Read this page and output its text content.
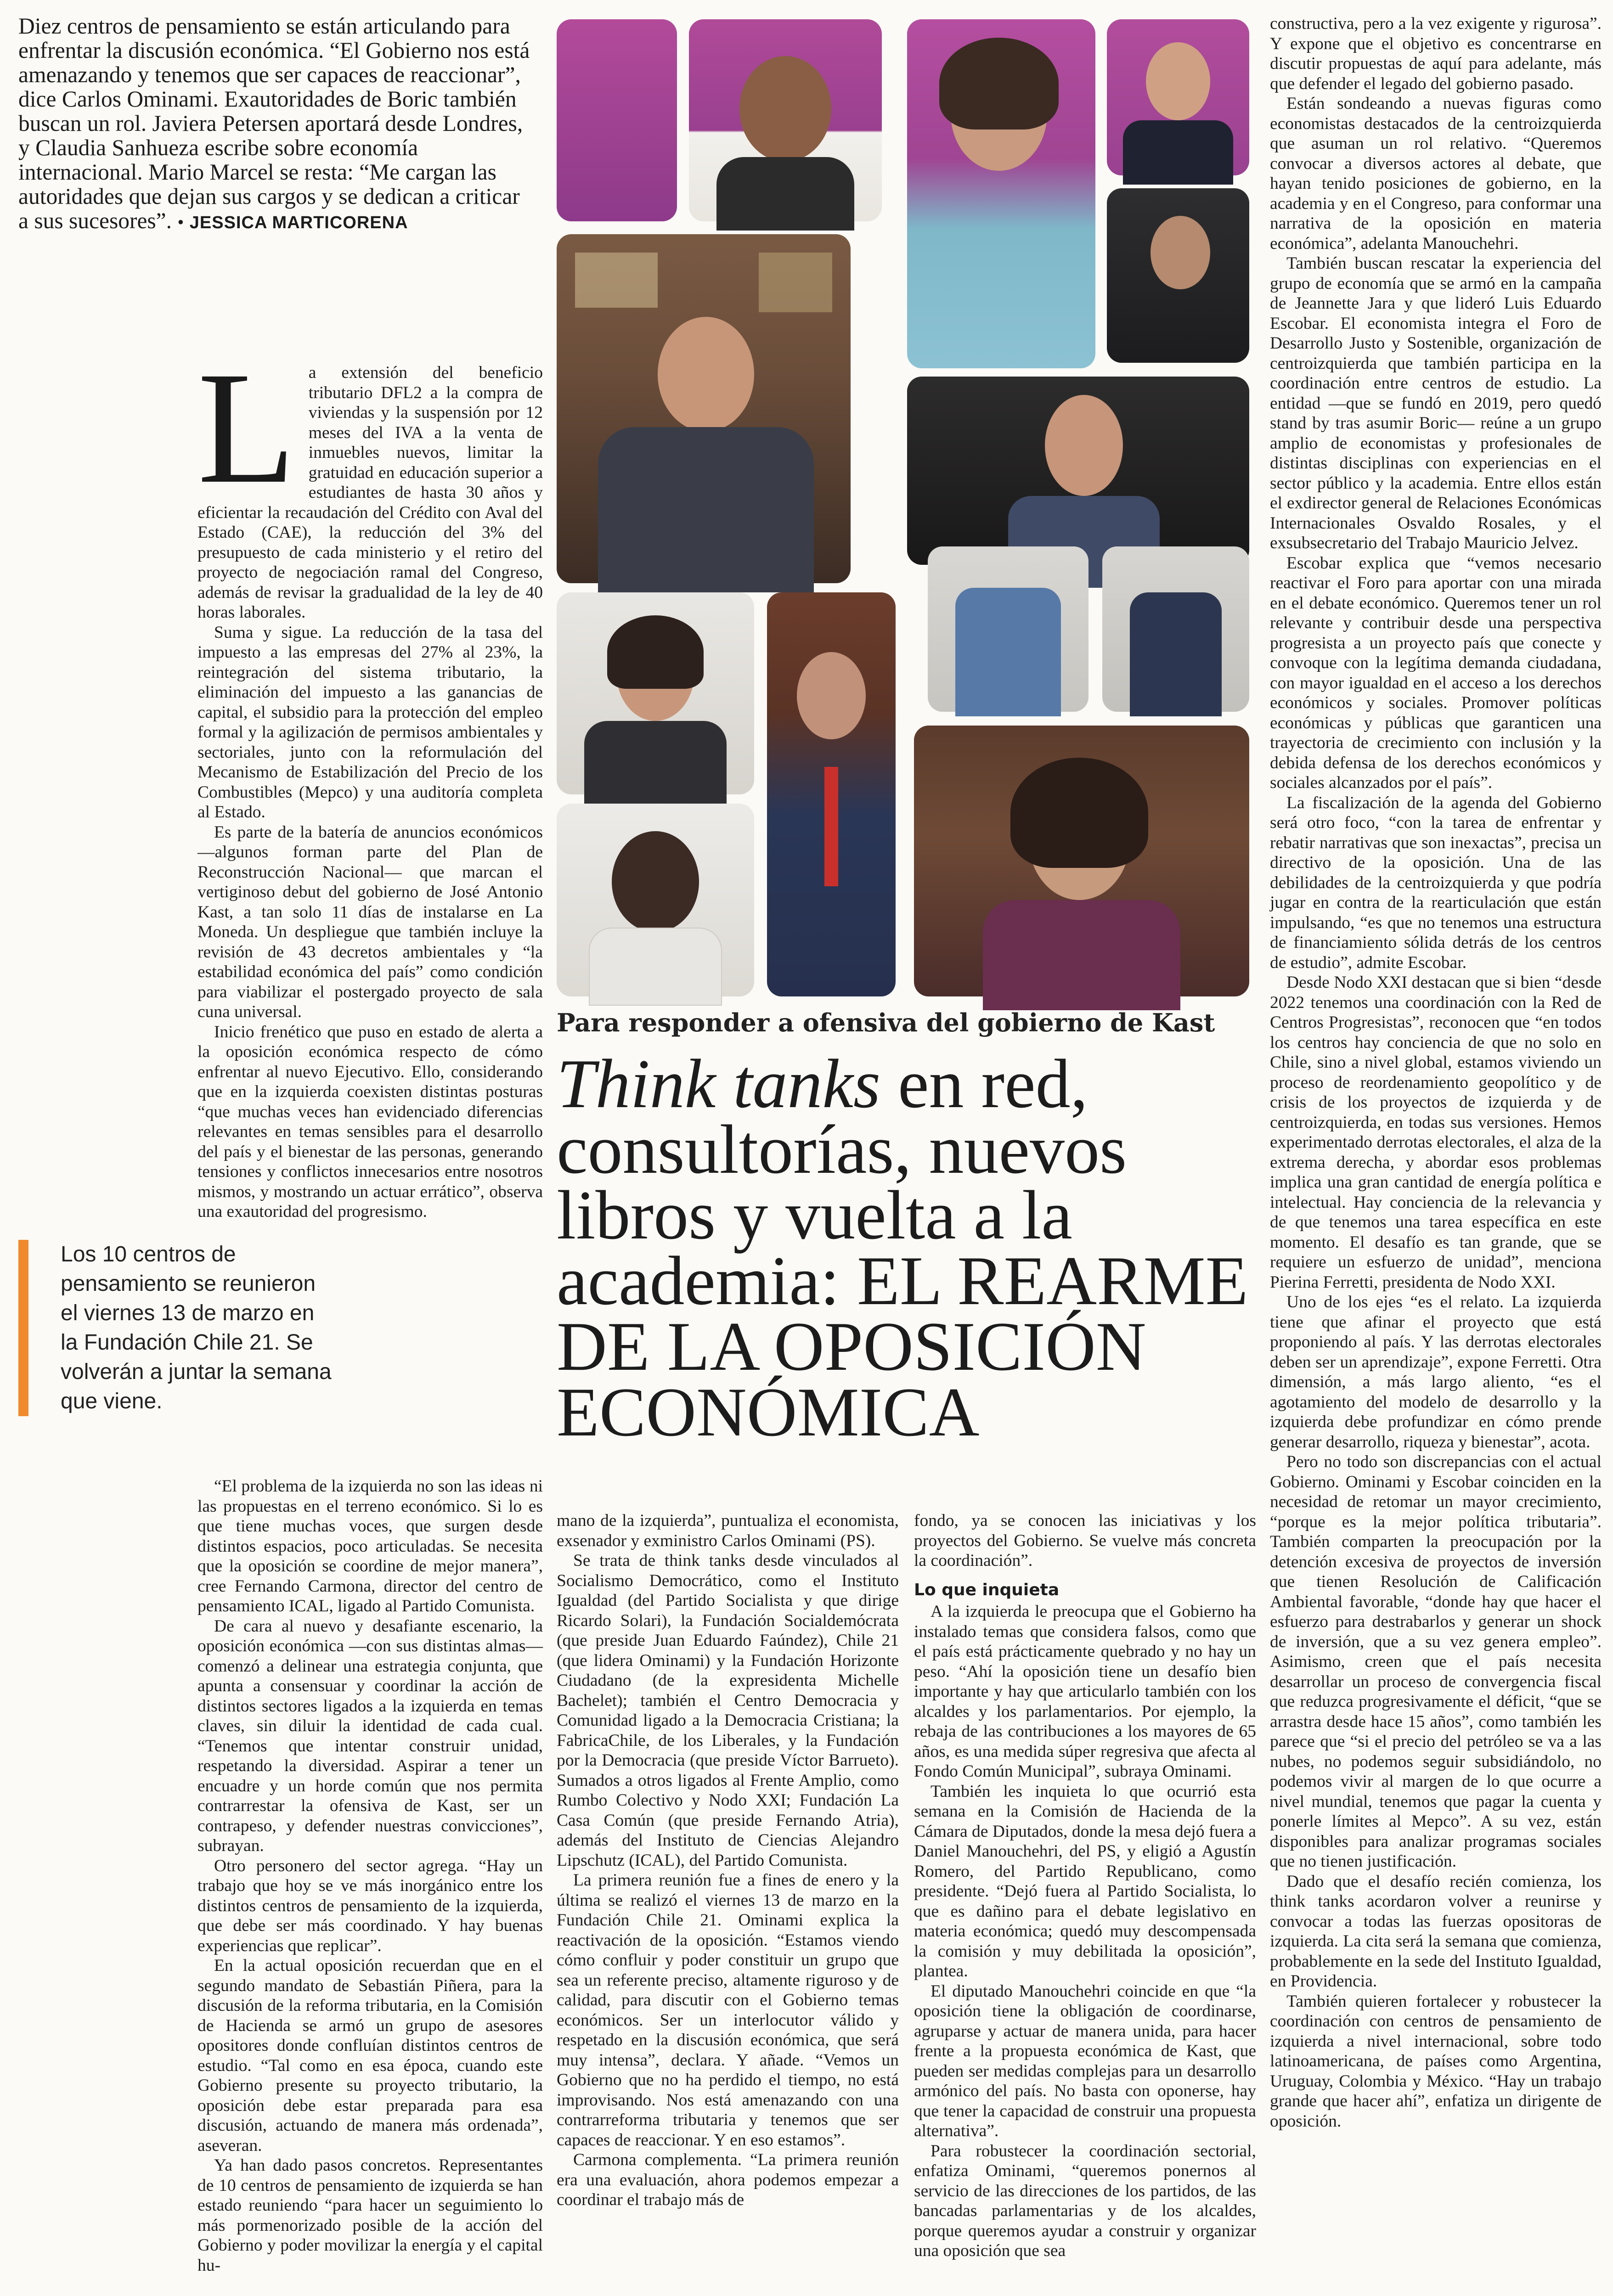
Diez centros de pensamiento se están articulando para enfrentar la discusión económica. “El Gobierno nos está amenazando y tenemos que ser capaces de reaccionar”, dice Carlos Ominami. Exautoridades de Boric también buscan un rol. Javiera Petersen aportará desde Londres, y Claudia Sanhueza escribe sobre economía internacional. Mario Marcel se resta: “Me cargan las autoridades que dejan sus cargos y se dedican a criticar a sus sucesores”. • JESSICA MARTICORENA
L a extensión del beneficio tributario DFL2 a la compra de viviendas y la suspensión por 12 meses del IVA a la venta de inmuebles nuevos, limitar la gratuidad en educación superior a estudiantes de hasta 30 años y eficientar la recaudación del Crédito con Aval del Estado (CAE), la reducción del 3% del presupuesto de cada ministerio y el retiro del proyecto de negociación ramal del Congreso, además de revisar la gradualidad de la ley de 40 horas laborales.

Suma y sigue. La reducción de la tasa del impuesto a las empresas del 27% al 23%, la reintegración del sistema tributario, la eliminación del impuesto a las ganancias de capital, el subsidio para la protección del empleo formal y la agilización de permisos ambientales y sectoriales, junto con la reformulación del Mecanismo de Estabilización del Precio de los Combustibles (Mepco) y una auditoría completa al Estado.

Es parte de la batería de anuncios económicos —algunos forman parte del Plan de Reconstrucción Nacional— que marcan el vertiginoso debut del gobierno de José Antonio Kast, a tan solo 11 días de instalarse en La Moneda. Un despliegue que también incluye la revisión de 43 decretos ambientales y “la estabilidad económica del país” como condición para viabilizar el postergado proyecto de sala cuna universal.

Inicio frenético que puso en estado de alerta a la oposición económica respecto de cómo enfrentar al nuevo Ejecutivo. Ello, considerando que en la izquierda coexisten distintas posturas “que muchas veces han evidenciado diferencias relevantes en temas sensibles para el desarrollo del país y el bienestar de las personas, generando tensiones y conflictos innecesarios entre nosotros mismos, y mostrando un actuar errático”, observa una exautoridad del progresismo.

Los 10 centros de pensamiento se reunieron el viernes 13 de marzo en la Fundación Chile 21. Se volverán a juntar la semana que viene.

“El problema de la izquierda no son las ideas ni las propuestas en el terreno económico. Si lo es que tiene muchas voces, que surgen desde distintos espacios, poco articuladas. Se necesita que la oposición se coordine de mejor manera”, cree Fernando Carmona, director del centro de pensamiento ICAL, ligado al Partido Comunista.

De cara al nuevo y desafiante escenario, la oposición económica —con sus distintas almas— comenzó a delinear una estrategia conjunta, que apunta a consensuar y coordinar la acción de distintos sectores ligados a la izquierda en temas claves, sin diluir la identidad de cada cual. “Tenemos que intentar construir unidad, respetando la diversidad. Aspirar a tener un encuadre y un horde común que nos permita contrarrestar la ofensiva de Kast, ser un contrapeso, y defender nuestras convicciones”, subrayan.

Otro personero del sector agrega. “Hay un trabajo que hoy se ve más inorgánico entre los distintos centros de pensamiento de la izquierda, que debe ser más coordinado. Y hay buenas experiencias que replicar”.

En la actual oposición recuerdan que en el segundo mandato de Sebastián Piñera, para la discusión de la reforma tributaria, en la Comisión de Hacienda se armó un grupo de asesores opositores donde confluían distintos centros de estudio. “Tal como en esa época, cuando este Gobierno presente su proyecto tributario, la oposición debe estar preparada para esa discusión, actuando de manera más ordenada”, aseveran.

Ya han dado pasos concretos. Representantes de 10 centros de pensamiento de izquierda se han estado reuniendo “para hacer un seguimiento lo más pormenorizado posible de la acción del Gobierno y poder movilizar la energía y el capital hu-

Para responder a ofensiva del gobierno de Kast
Think tanks en red, consultorías, nuevos libros y vuelta a la academia: EL REARME DE LA OPOSICIÓN ECONÓMICA

mano de la izquierda”, puntualiza el economista, exsenador y exministro Carlos Ominami (PS).

Se trata de think tanks desde vinculados al Socialismo Democrático, como el Instituto Igualdad (del Partido Socialista y que dirige Ricardo Solari), la Fundación Socialdemócrata (que preside Juan Eduardo Faúndez), Chile 21 (que lidera Ominami) y la Fundación Horizonte Ciudadano (de la expresidenta Michelle Bachelet); también el Centro Democracia y Comunidad ligado a la Democracia Cristiana; la FabricaChile, de los Liberales, y la Fundación por la Democracia (que preside Víctor Barrueto). Sumados a otros ligados al Frente Amplio, como Rumbo Colectivo y Nodo XXI; Fundación La Casa Común (que preside Fernando Atria), además del Instituto de Ciencias Alejandro Lipschutz (ICAL), del Partido Comunista.

La primera reunión fue a fines de enero y la última se realizó el viernes 13 de marzo en la Fundación Chile 21. Ominami explica la reactivación de la oposición. “Estamos viendo cómo confluir y poder constituir un grupo que sea un referente preciso, altamente riguroso y de calidad, para discutir con el Gobierno temas económicos. Ser un interlocutor válido y respetado en la discusión económica, que será muy intensa”, declara. Y añade. “Vemos un Gobierno que no ha perdido el tiempo, no está improvisando. Nos está amenazando con una contrarreforma tributaria y tenemos que ser capaces de reaccionar. Y en eso estamos”.

Carmona complementa. “La primera reunión era una evaluación, ahora podemos empezar a coordinar el trabajo más de

fondo, ya se conocen las iniciativas y los proyectos del Gobierno. Se vuelve más concreta la coordinación”.

Lo que inquieta

A la izquierda le preocupa que el Gobierno ha instalado temas que considera falsos, como que el país está prácticamente quebrado y no hay un peso. “Ahí la oposición tiene un desafío bien importante y hay que articularlo también con los alcaldes y los parlamentarios. Por ejemplo, la rebaja de las contribuciones a los mayores de 65 años, es una medida súper regresiva que afecta al Fondo Común Municipal”, subraya Ominami.

También les inquieta lo que ocurrió esta semana en la Comisión de Hacienda de la Cámara de Diputados, donde la mesa dejó fuera a Daniel Manouchehri, del PS, y eligió a Agustín Romero, del Partido Republicano, como presidente. “Dejó fuera al Partido Socialista, lo que es dañino para el debate legislativo en materia económica; quedó muy descompensada la comisión y muy debilitada la oposición”, plantea.

El diputado Manouchehri coincide en que “la oposición tiene la obligación de coordinarse, agruparse y actuar de manera unida, para hacer frente a la propuesta económica de Kast, que pueden ser medidas complejas para un desarrollo armónico del país. No basta con oponerse, hay que tener la capacidad de construir una propuesta alternativa”.

Para robustecer la coordinación sectorial, enfatiza Ominami, “queremos ponernos al servicio de las direcciones de los partidos, de las bancadas parlamentarias y de los alcaldes, porque queremos ayudar a construir y organizar una oposición que sea

constructiva, pero a la vez exigente y rigurosa”. Y expone que el objetivo es concentrarse en discutir propuestas de aquí para adelante, más que defender el legado del gobierno pasado.

Están sondeando a nuevas figuras como economistas destacados de la centroizquierda que asuman un rol relativo. “Queremos convocar a diversos actores al debate, que hayan tenido posiciones de gobierno, en la academia y en el Congreso, para conformar una narrativa de la oposición en materia económica”, adelanta Manouchehri.

También buscan rescatar la experiencia del grupo de economía que se armó en la campaña de Jeannette Jara y que lideró Luis Eduardo Escobar. El economista integra el Foro de Desarrollo Justo y Sostenible, organización de centroizquierda que también participa en la coordinación entre centros de estudio. La entidad —que se fundó en 2019, pero quedó stand by tras asumir Boric— reúne a un grupo amplio de economistas y profesionales de distintas disciplinas con experiencias en el sector público y la academia. Entre ellos están el exdirector general de Relaciones Económicas Internacionales Osvaldo Rosales, y el exsubsecretario del Trabajo Mauricio Jelvez.

Escobar explica que “vemos necesario reactivar el Foro para aportar con una mirada en el debate económico. Queremos tener un rol relevante y contribuir desde una perspectiva progresista a un proyecto país que conecte y convoque con la legítima demanda ciudadana, con mayor igualdad en el acceso a los derechos económicos y sociales. Promover políticas económicas y públicas que garanticen una trayectoria de crecimiento con inclusión y la debida defensa de los derechos económicos y sociales alcanzados por el país”.

La fiscalización de la agenda del Gobierno será otro foco, “con la tarea de enfrentar y rebatir narrativas que son inexactas”, precisa un directivo de la oposición. Una de las debilidades de la centroizquierda y que podría jugar en contra de la rearticulación que están impulsando, “es que no tenemos una estructura de financiamiento sólida detrás de los centros de estudio”, admite Escobar.

Desde Nodo XXI destacan que si bien “desde 2022 tenemos una coordinación con la Red de Centros Progresistas”, reconocen que “en todos los centros hay conciencia de que no solo en Chile, sino a nivel global, estamos viviendo un proceso de reordenamiento geopolítico y de crisis de los proyectos de izquierda y de centroizquierda, en todas sus versiones. Hemos experimentado derrotas electorales, el alza de la extrema derecha, y abordar esos problemas implica una gran cantidad de energía política e intelectual. Hay conciencia de la relevancia y de que tenemos una tarea específica en este momento. El desafío es tan grande, que se requiere un esfuerzo de unidad”, menciona Pierina Ferretti, presidenta de Nodo XXI.

Uno de los ejes “es el relato. La izquierda tiene que afinar el proyecto que está proponiendo al país. Y las derrotas electorales deben ser un aprendizaje”, expone Ferretti. Otra dimensión, a más largo aliento, “es el agotamiento del modelo de desarrollo y la izquierda debe profundizar en cómo prende generar desarrollo, riqueza y bienestar”, acota.

Pero no todo son discrepancias con el actual Gobierno. Ominami y Escobar coinciden en la necesidad de retomar un mayor crecimiento, “porque es la mejor política tributaria”. También comparten la preocupación por la detención excesiva de proyectos de inversión que tienen Resolución de Calificación Ambiental favorable, “donde hay que hacer el esfuerzo para destrabarlos y generar un shock de inversión, que a su vez genera empleo”. Asimismo, creen que el país necesita desarrollar un proceso de convergencia fiscal que reduzca progresivamente el déficit, “que se arrastra desde hace 15 años”, como también les parece que “si el precio del petróleo se va a las nubes, no podemos seguir subsidiándolo, no podemos vivir al margen de lo que ocurre a nivel mundial, tenemos que pagar la cuenta y ponerle límites al Mepco”. A su vez, están disponibles para analizar programas sociales que no tienen justificación.

Dado que el desafío recién comienza, los think tanks acordaron volver a reunirse y convocar a todas las fuerzas opositoras de izquierda. La cita será la semana que comienza, probablemente en la sede del Instituto Igualdad, en Providencia.

También quieren fortalecer y robustecer la coordinación con centros de pensamiento de izquierda a nivel internacional, sobre todo latinoamericana, de países como Argentina, Uruguay, Colombia y México. “Hay un trabajo grande que hacer ahí”, enfatiza un dirigente de oposición.
